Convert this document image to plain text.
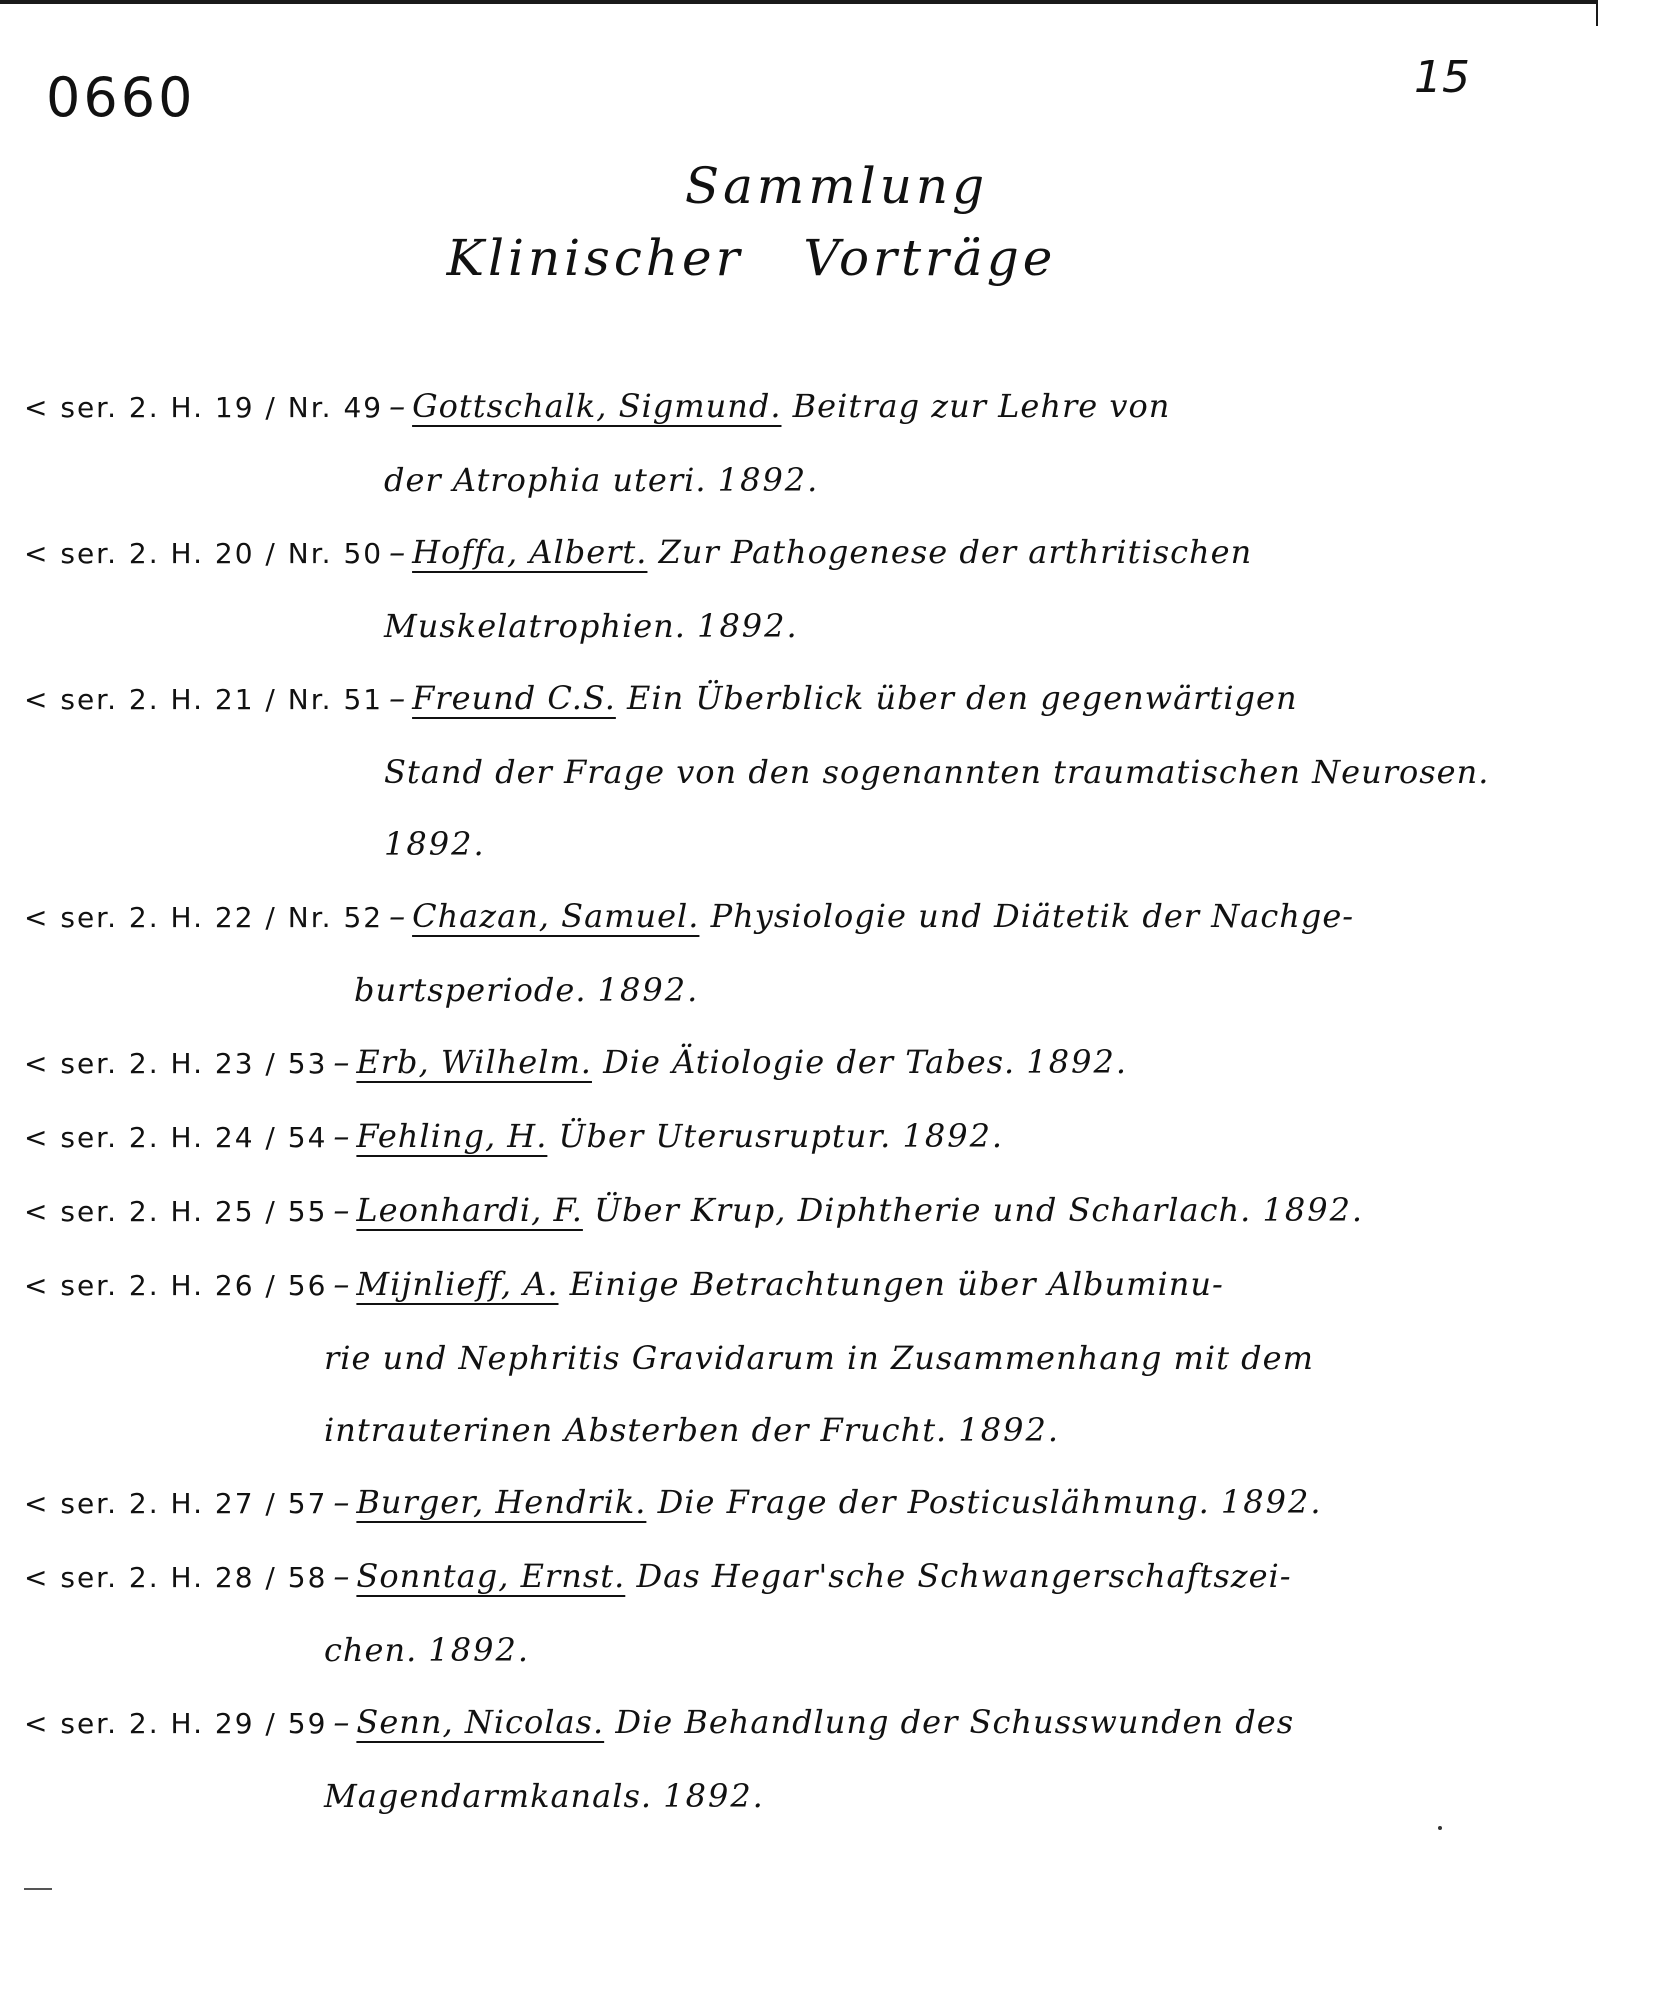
0660	15
Sammlung
Klinischer Vorträge
< ser. 2. H. 19 / Nr. 49 – Gottschalk, Sigmund. Beitrag zur Lehre von
der Atrophia uteri. 1892.
< ser. 2. H. 20 / Nr. 50 – Hoffa, Albert. Zur Pathogenese der arthritischen
Muskelatrophien. 1892.
< ser. 2. H. 21 / Nr. 51 – Freund C.S. Ein Überblick über den gegenwärtigen
Stand der Frage von den sogenannten traumatischen Neurosen. 1892.
< ser. 2. H. 22 / Nr. 52 – Chazan, Samuel. Physiologie und Diätetik der Nachge-
burtsperiode. 1892.
< ser. 2. H. 23 / 53 – Erb, Wilhelm. Die Ätiologie der Tabes. 1892.
< ser. 2. H. 24 / 54 – Fehling, H. Über Uterusruptur. 1892.
< ser. 2. H. 25 / 55 – Leonhardi, F. Über Krup, Diphtherie und Scharlach. 1892.
< ser. 2. H. 26 / 56 – Mijnlieff, A. Einige Betrachtungen über Albuminu-
rie und Nephritis Gravidarum in Zusammenhang mit dem
intrauterinen Absterben der Frucht. 1892.
< ser. 2. H. 27 / 57 – Burger, Hendrik. Die Frage der Posticuslähmung. 1892.
< ser. 2. H. 28 / 58 – Sonntag, Ernst. Das Hegar'sche Schwangerschaftszei-
chen. 1892.
< ser. 2. H. 29 / 59 – Senn, Nicolas. Die Behandlung der Schusswunden des
Magendarmkanals. 1892.
